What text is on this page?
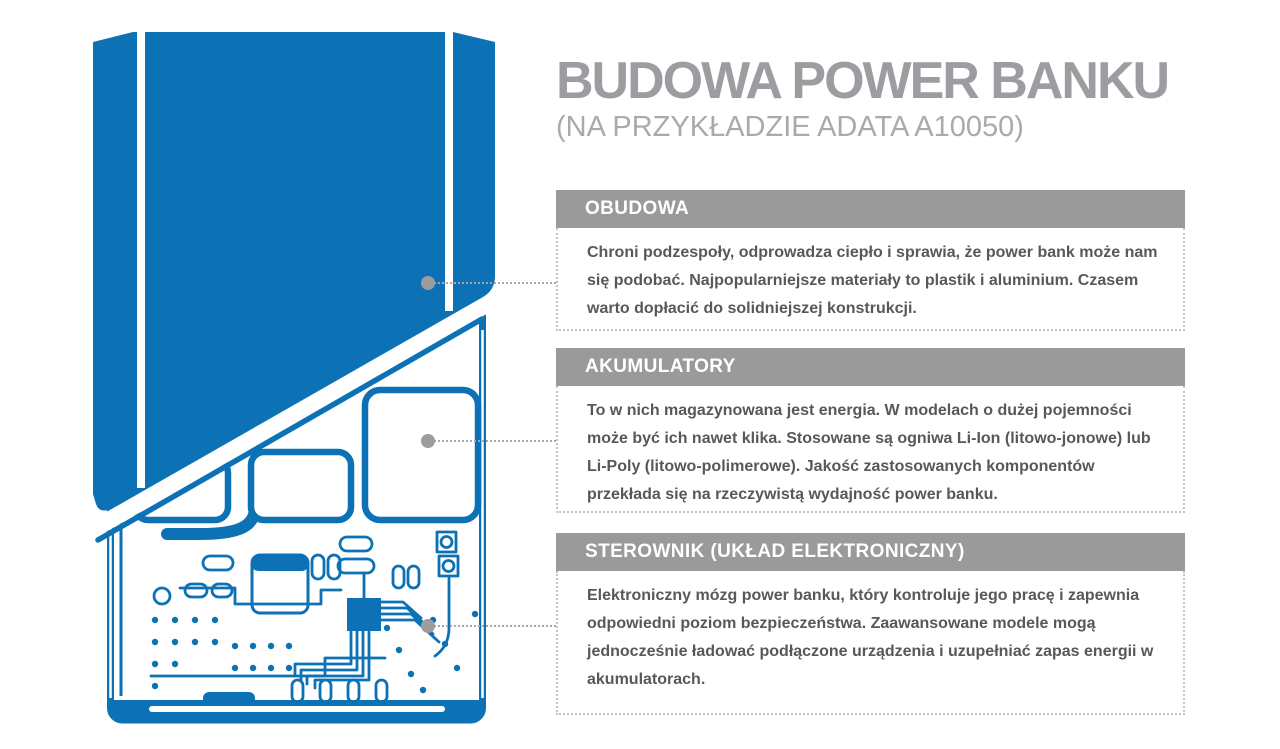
BUDOWA POWER BANKU
(NA PRZYKŁADZIE ADATA A10050)
OBUDOWA
Chroni podzespoły, odprowadza ciepło i sprawia, że power bank może nam się podobać. Najpopularniejsze materiały to plastik i aluminium. Czasem warto dopłacić do solidniejszej konstrukcji.
AKUMULATORY
To w nich magazynowana jest energia. W modelach o dużej pojemności może być ich nawet klika. Stosowane są ogniwa Li-Ion (litowo-jonowe) lub Li-Poly (litowo-polimerowe). Jakość zastosowanych komponentów przekłada się na rzeczywistą wydajność power banku.
STEROWNIK (UKŁAD ELEKTRONICZNY)
Elektroniczny mózg power banku, który kontroluje jego pracę i zapewnia odpowiedni poziom bezpieczeństwa. Zaawansowane modele mogą jednocześnie ładować podłączone urządzenia i uzupełniać zapas energii w akumulatorach.
